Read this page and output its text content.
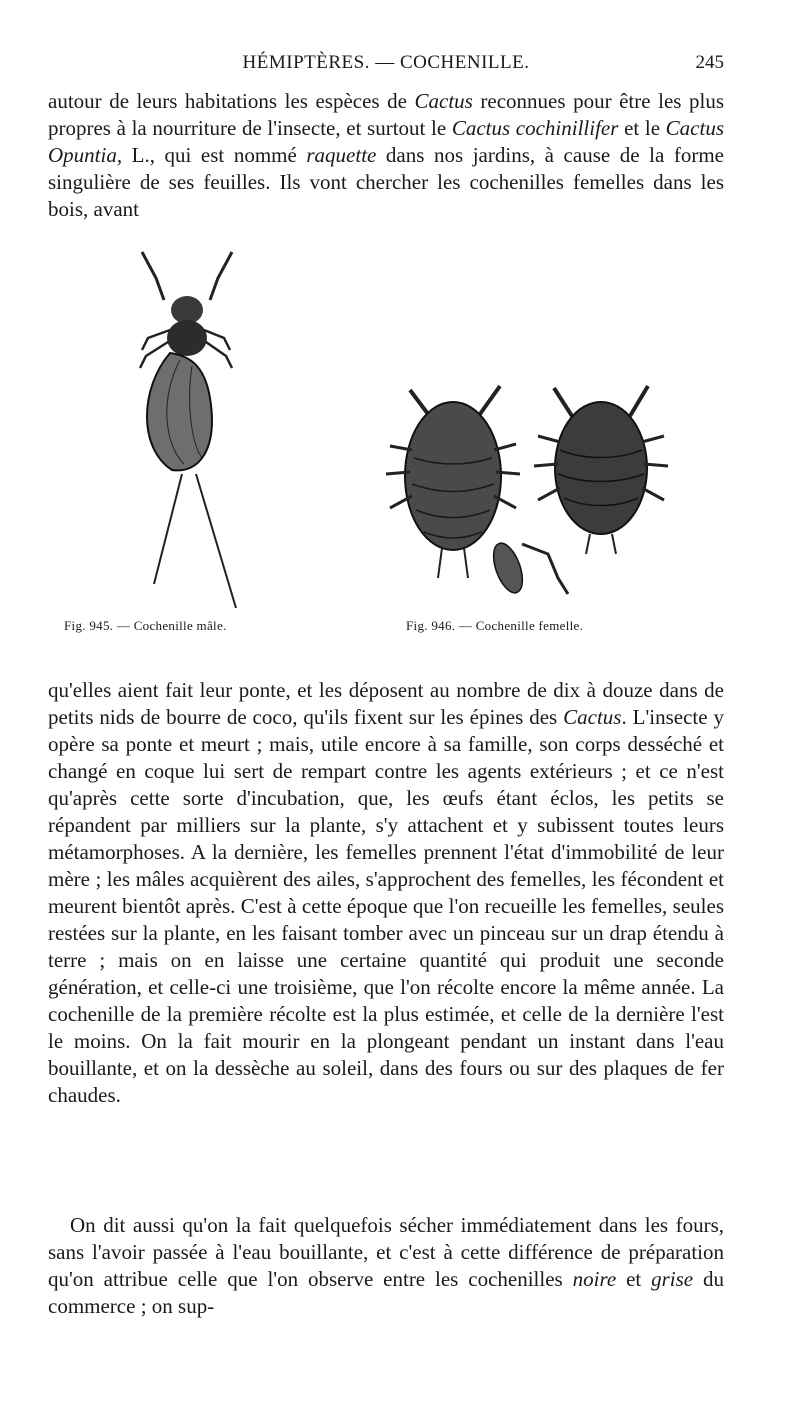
HÉMIPTÈRES. — COCHENILLE.	245

autour de leurs habitations les espèces de Cactus reconnues pour être les plus propres à la nourriture de l'insecte, et surtout le Cactus cochinillifer et le Cactus Opuntia, L., qui est nommé raquette dans nos jardins, à cause de la forme singulière de ses feuilles. Ils vont chercher les cochenilles femelles dans les bois, avant

Fig. 945. — Cochenille mâle.	Fig. 946. — Cochenille femelle.

qu'elles aient fait leur ponte, et les déposent au nombre de dix à douze dans de petits nids de bourre de coco, qu'ils fixent sur les épines des Cactus. L'insecte y opère sa ponte et meurt ; mais, utile encore à sa famille, son corps desséché et changé en coque lui sert de rempart contre les agents extérieurs ; et ce n'est qu'après cette sorte d'incubation, que, les œufs étant éclos, les petits se répandent par milliers sur la plante, s'y attachent et y subissent toutes leurs métamorphoses. A la dernière, les femelles prennent l'état d'immobilité de leur mère ; les mâles acquièrent des ailes, s'approchent des femelles, les fécondent et meurent bientôt après. C'est à cette époque que l'on recueille les femelles, seules restées sur la plante, en les faisant tomber avec un pinceau sur un drap étendu à terre ; mais on en laisse une certaine quantité qui produit une seconde génération, et celle-ci une troisième, que l'on récolte encore la même année. La cochenille de la première récolte est la plus estimée, et celle de la dernière l'est le moins. On la fait mourir en la plongeant pendant un instant dans l'eau bouillante, et on la dessèche au soleil, dans des fours ou sur des plaques de fer chaudes.

On dit aussi qu'on la fait quelquefois sécher immédiatement dans les fours, sans l'avoir passée à l'eau bouillante, et c'est à cette différence de préparation qu'on attribue celle que l'on observe entre les cochenilles noire et grise du commerce ; on sup-
